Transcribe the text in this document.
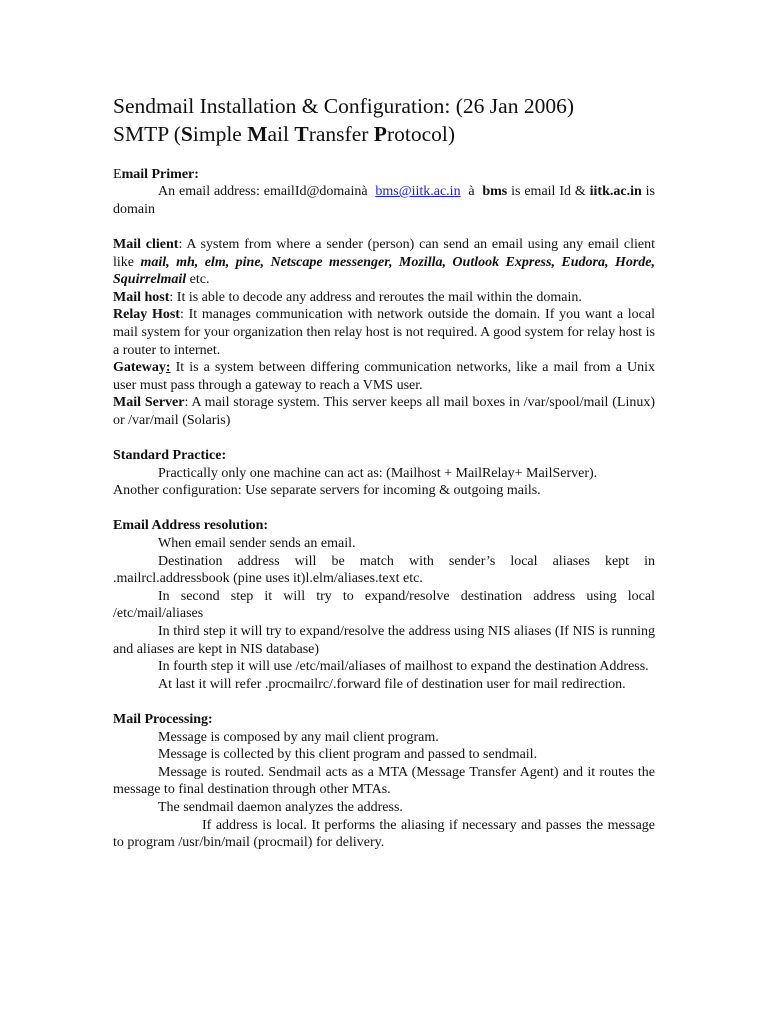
Sendmail Installation & Configuration: (26 Jan 2006)
SMTP (Simple Mail Transfer Protocol)

Email Primer:

An email address: emailId@domainà bms@iitk.ac.in à bms is email Id & iitk.ac.in is domain

Mail client: A system from where a sender (person) can send an email using any email client like mail, mh, elm, pine, Netscape messenger, Mozilla, Outlook Express, Eudora, Horde, Squirrelmail etc.

Mail host: It is able to decode any address and reroutes the mail within the domain.

Relay Host: It manages communication with network outside the domain. If you want a local mail system for your organization then relay host is not required. A good system for relay host is a router to internet.

Gateway: It is a system between differing communication networks, like a mail from a Unix user must pass through a gateway to reach a VMS user.

Mail Server: A mail storage system. This server keeps all mail boxes in /var/spool/mail (Linux) or /var/mail (Solaris)

Standard Practice:

Practically only one machine can act as: (Mailhost + MailRelay+ MailServer).

Another configuration: Use separate servers for incoming & outgoing mails.

Email Address resolution:

When email sender sends an email.

Destination address will be match with sender’s local aliases kept in .mailrcl.addressbook (pine uses it)l.elm/aliases.text etc.

In second step it will try to expand/resolve destination address using local /etc/mail/aliases

In third step it will try to expand/resolve the address using NIS aliases (If NIS is running and aliases are kept in NIS database)

In fourth step it will use /etc/mail/aliases of mailhost to expand the destination Address.

At last it will refer .procmailrc/.forward file of destination user for mail redirection.

Mail Processing:

Message is composed by any mail client program.

Message is collected by this client program and passed to sendmail.

Message is routed. Sendmail acts as a MTA (Message Transfer Agent) and it routes the message to final destination through other MTAs.

The sendmail daemon analyzes the address.

If address is local. It performs the aliasing if necessary and passes the message to program /usr/bin/mail (procmail) for delivery.
